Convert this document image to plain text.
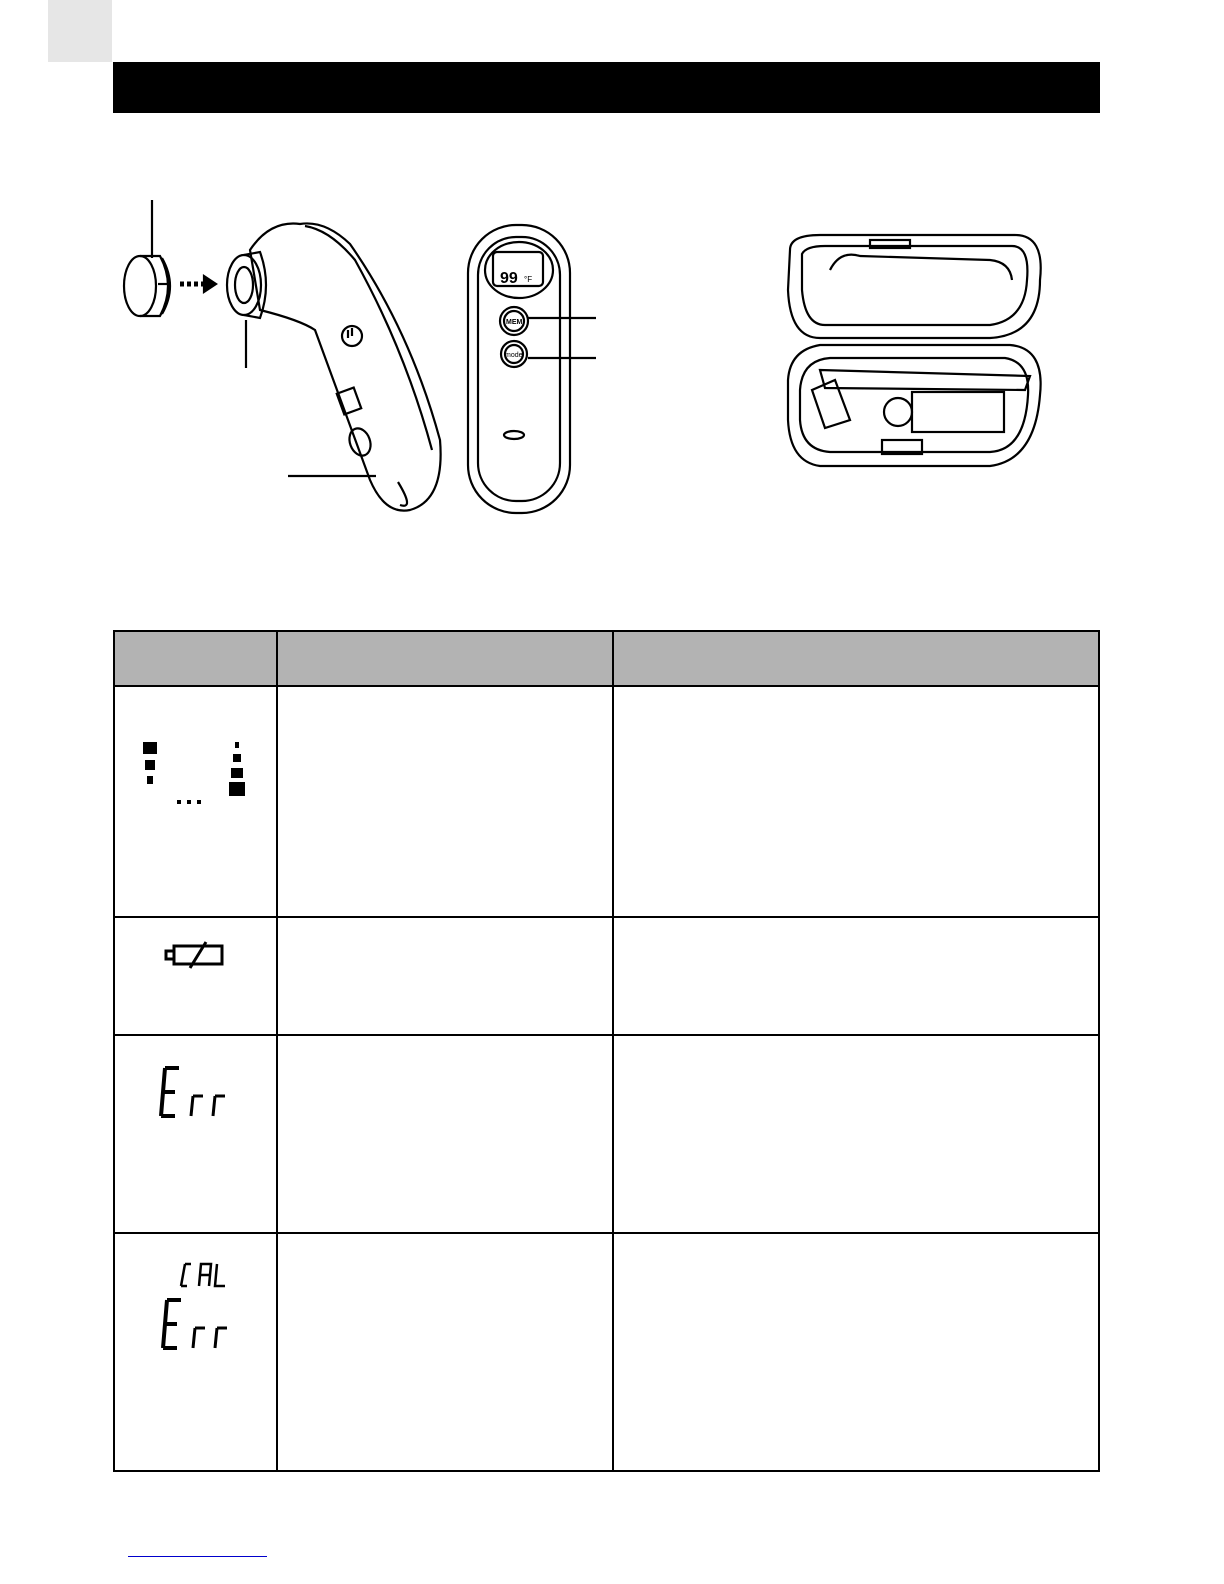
99 °F
MEM
mode
